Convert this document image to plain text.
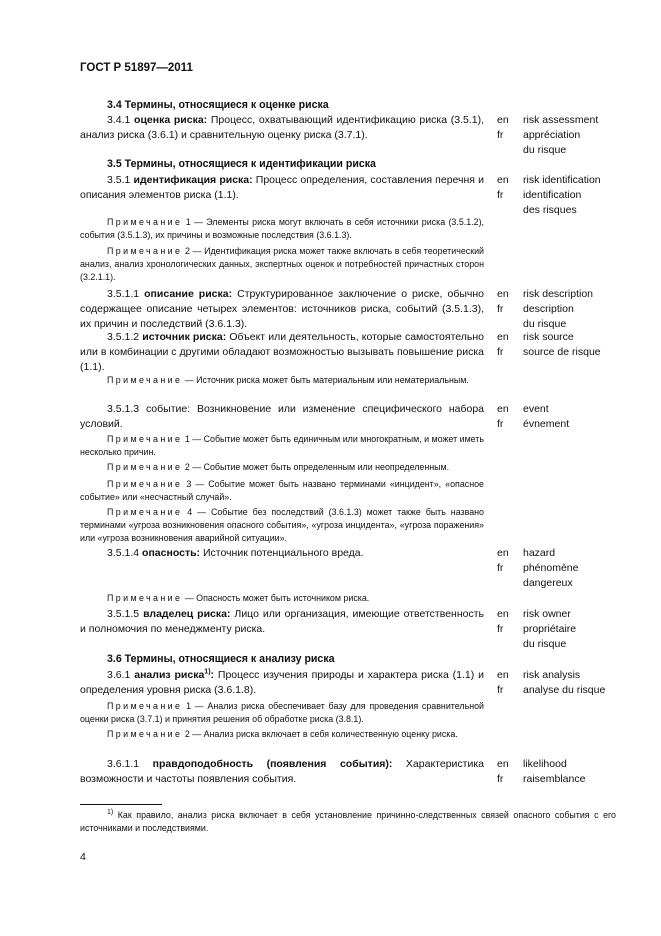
ГОСТ Р 51897—2011
3.4 Термины, относящиеся к оценке риска
3.4.1 оценка риска: Процесс, охватывающий идентификацию риска (3.5.1), анализ риска (3.6.1) и сравнительную оценку риска (3.7.1).
en
fr
risk assessment
appréciation
du risque
3.5 Термины, относящиеся к идентификации риска
3.5.1 идентификация риска: Процесс определения, составления перечня и описания элементов риска (1.1).
en
fr
risk identification
identification
des risques
Примечание 1 — Элементы риска могут включать в себя источники риска (3.5.1.2), события (3.5.1.3), их причины и возможные последствия (3.6.1.3).
Примечание 2 — Идентификация риска может также включать в себя теоретический анализ, анализ хронологических данных, экспертных оценок и потребностей причастных сторон (3.2.1.1).
3.5.1.1 описание риска: Структурированное заключение о риске, обычно содержащее описание четырех элементов: источников риска, событий (3.5.1.3), их причин и последствий (3.6.1.3).
en
fr
risk description
description
du risque
3.5.1.2 источник риска: Объект или деятельность, которые самостоятельно или в комбинации с другими обладают возможностью вызывать повышение риска (1.1).
en
fr
risk source
source de risque
Примечание — Источник риска может быть материальным или нематериальным.
3.5.1.3 событие: Возникновение или изменение специфического набора условий.
en
fr
event
évnement
Примечание 1 — Событие может быть единичным или многократным, и может иметь несколько причин.
Примечание 2 — Событие может быть определенным или неопределенным.
Примечание 3 — Событие может быть названо терминами «инцидент», «опасное событие» или «несчастный случай».
Примечание 4 — Событие без последствий (3.6.1.3) может также быть названо терминами «угроза возникновения опасного события», «угроза инцидента», «угроза поражения» или «угроза возникновения аварийной ситуации».
3.5.1.4 опасность: Источник потенциального вреда.	en
fr
hazard
phénomène
dangereux
Примечание — Опасность может быть источником риска.
3.5.1.5 владелец риска: Лицо или организация, имеющие ответственность и полномочия по менеджменту риска.
en
fr
risk owner
propriétaire
du risque
3.6 Термины, относящиеся к анализу риска
3.6.1 анализ риска$^{1)}$: Процесс изучения природы и характера риска (1.1) и определения уровня риска (3.6.1.8).
en
fr
risk analysis
analyse du risque
Примечание 1 — Анализ риска обеспечивает базу для проведения сравнительной оценки риска (3.7.1) и принятия решения об обработке риска (3.8.1).
Примечание 2 — Анализ риска включает в себя количественную оценку риска.
3.6.1.1 правдоподобность (появления события): Характеристика возможности и частоты появления события.
en
fr
likelihood
raisemblance
$^{1)}$ Как правило, анализ риска включает в себя установление причинно-следственных связей опасного события с его источниками и последствиями.
4
